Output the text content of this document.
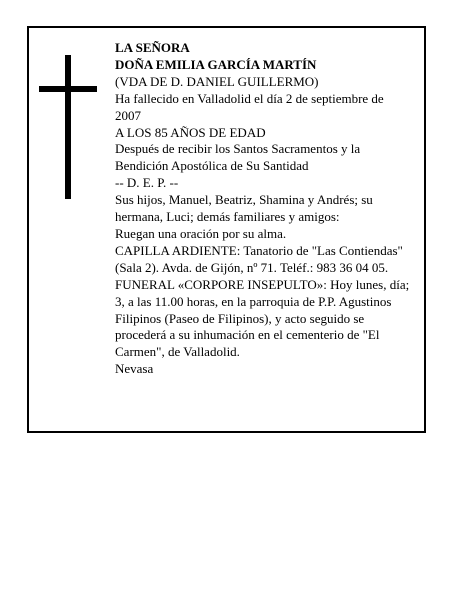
LA SEÑORA
DOÑA EMILIA GARCÍA MARTÍN
(VDA DE D. DANIEL GUILLERMO)
Ha fallecido en Valladolid el día 2 de septiembre de
2007
A LOS 85 AÑOS DE EDAD
Después de recibir los Santos Sacramentos y la
Bendición Apostólica de Su Santidad
-- D. E. P. --
Sus hijos, Manuel, Beatriz, Shamina y Andrés; su
hermana, Luci; demás familiares y amigos:
Ruegan una oración por su alma.
CAPILLA ARDIENTE: Tanatorio de "Las Contiendas"
(Sala 2). Avda. de Gijón, nº 71. Teléf.: 983 36 04 05.
FUNERAL «CORPORE INSEPULTO»: Hoy lunes, día;
3, a las 11.00 horas, en la parroquia de P.P. Agustinos
Filipinos (Paseo de Filipinos), y acto seguido se
procederá a su inhumación en el cementerio de "El
Carmen", de Valladolid.
Nevasa
